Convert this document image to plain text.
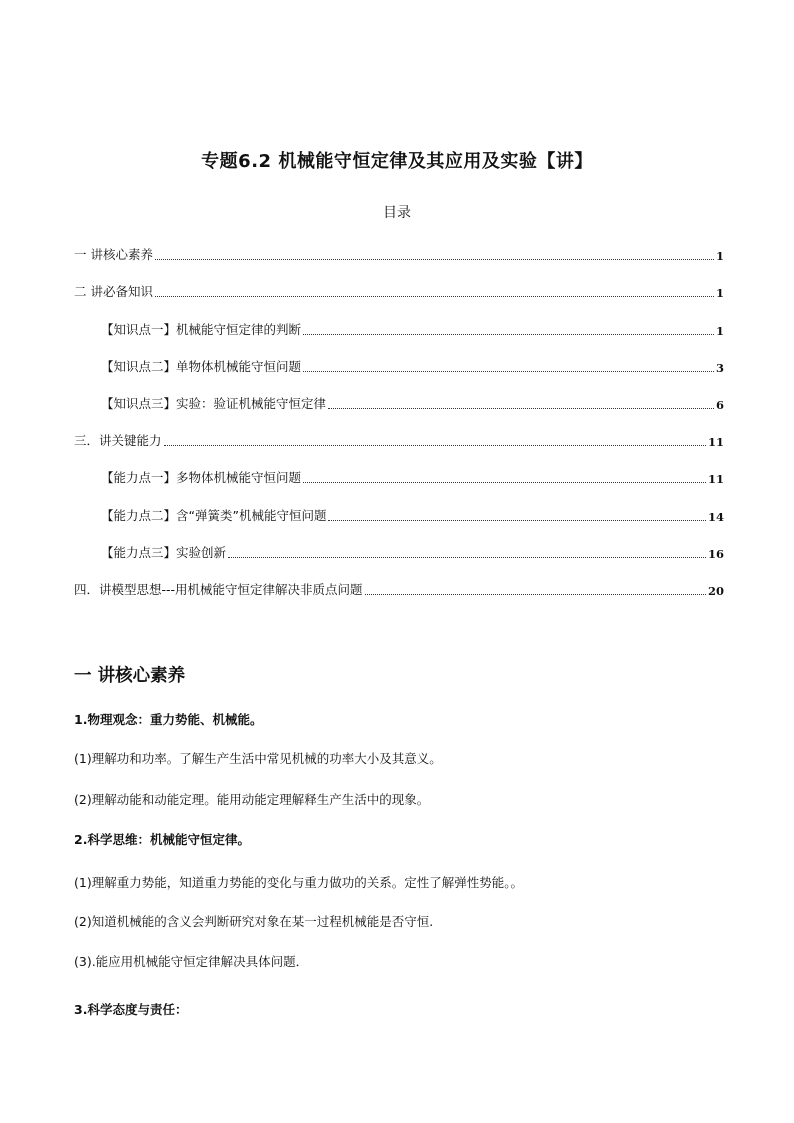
专题6.2 机械能守恒定律及其应用及实验【讲】
目录
一 讲核心素养	1
二 讲必备知识	1
【知识点一】机械能守恒定律的判断	1
【知识点二】单物体机械能守恒问题	3
【知识点三】实验：验证机械能守恒定律	6
三．讲关键能力	11
【能力点一】多物体机械能守恒问题	11
【能力点二】含“弹簧类”机械能守恒问题	14
【能力点三】实验创新	16
四．讲模型思想---用机械能守恒定律解决非质点问题	20
一 讲核心素养
1.物理观念：重力势能、机械能。
(1)理解功和功率。了解生产生活中常见机械的功率大小及其意义。
(2)理解动能和动能定理。能用动能定理解释生产生活中的现象。
2.科学思维：机械能守恒定律。
(1)理解重力势能，知道重力势能的变化与重力做功的关系。定性了解弹性势能。。
(2)知道机械能的含义会判断研究对象在某一过程机械能是否守恒.
(3).能应用机械能守恒定律解决具体问题．
3.科学态度与责任：
